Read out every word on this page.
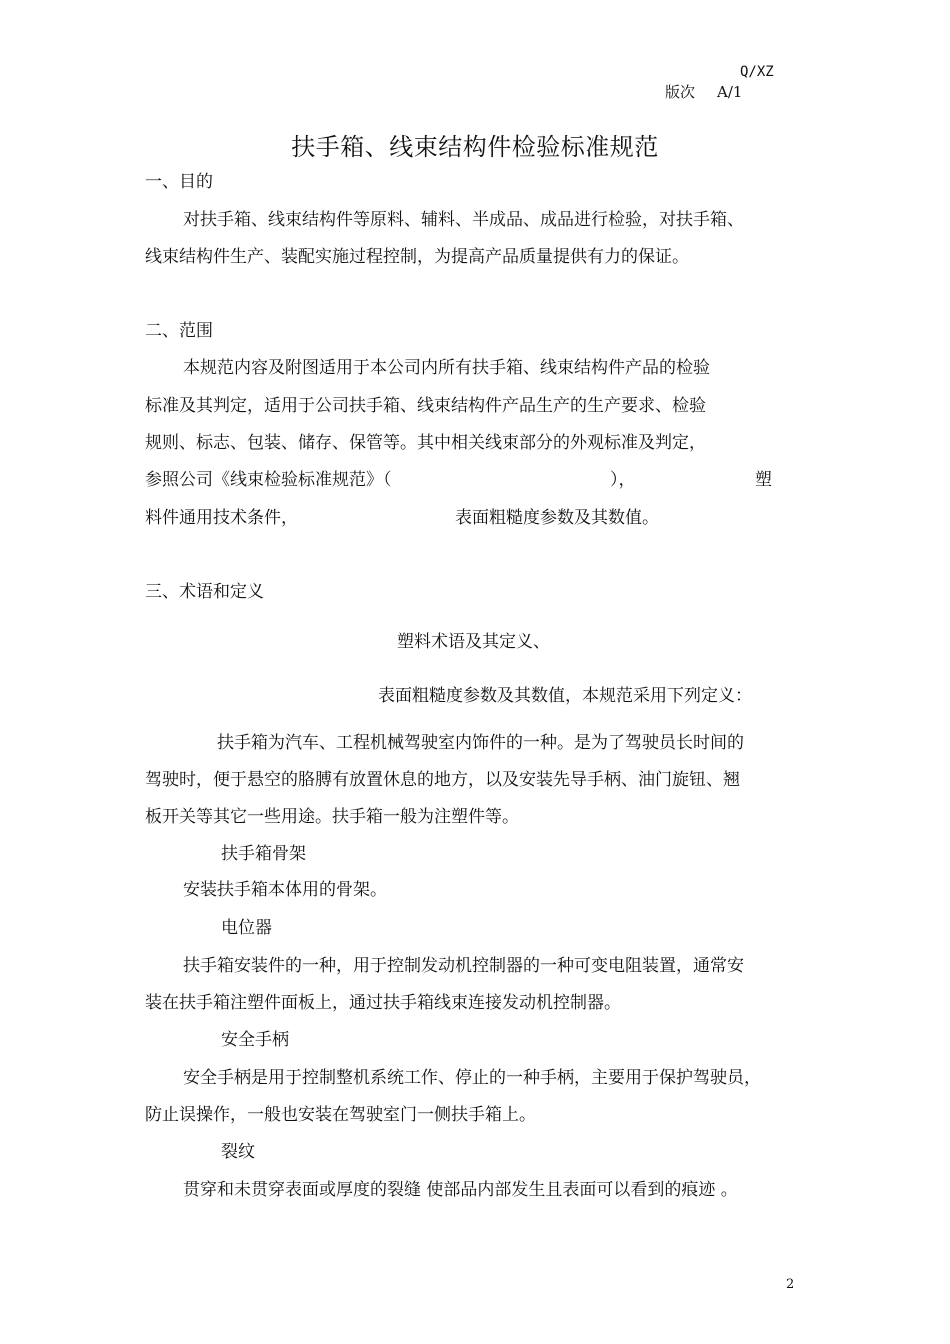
Q/XZ
版次 A/1
扶手箱、线束结构件检验标准规范
一、目的
对扶手箱、线束结构件等原料、辅料、半成品、成品进行检验，对扶手箱、
线束结构件生产、装配实施过程控制，为提高产品质量提供有力的保证。
二、范围
本规范内容及附图适用于本公司内所有扶手箱、线束结构件产品的检验
标准及其判定，适用于公司扶手箱、线束结构件产品生产的生产要求、检验
规则、标志、包装、储存、保管等。其中相关线束部分的外观标准及判定，
参照公司《线束检验标准规范》（	），	塑
料件通用技术条件，	表面粗糙度参数及其数值。
三、术语和定义
塑料术语及其定义、
表面粗糙度参数及其数值，本规范采用下列定义：
扶手箱为汽车、工程机械驾驶室内饰件的一种。是为了驾驶员长时间的
驾驶时，便于悬空的胳膊有放置休息的地方，以及安装先导手柄、油门旋钮、翘
板开关等其它一些用途。扶手箱一般为注塑件等。
扶手箱骨架
安装扶手箱本体用的骨架。
电位器
扶手箱安装件的一种，用于控制发动机控制器的一种可变电阻装置，通常安
装在扶手箱注塑件面板上，通过扶手箱线束连接发动机控制器。
安全手柄
安全手柄是用于控制整机系统工作、停止的一种手柄，主要用于保护驾驶员，
防止误操作，一般也安装在驾驶室门一侧扶手箱上。
裂纹
贯穿和未贯穿表面或厚度的裂缝 使部品内部发生且表面可以看到的痕迹 。
2
